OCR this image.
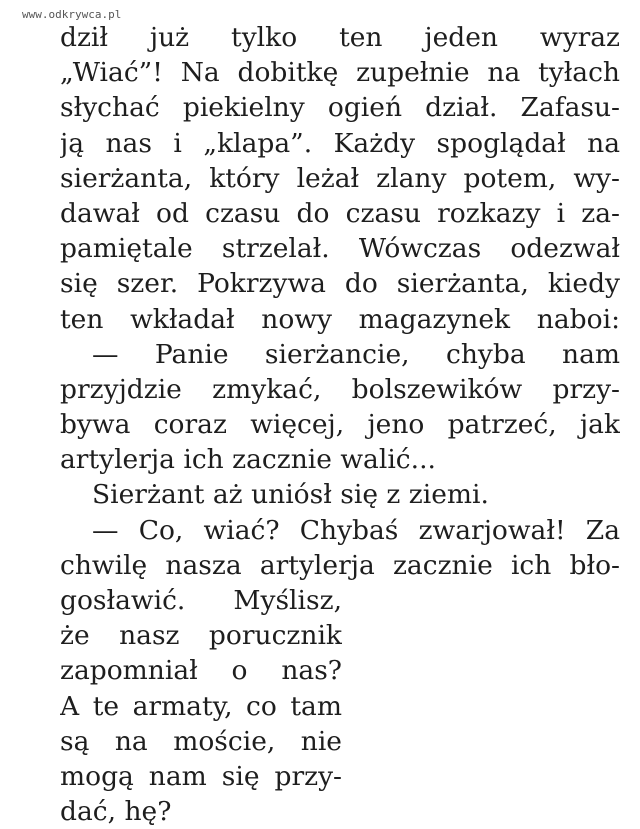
www.odkrywca.pl
dził już tylko ten jeden wyraz
„Wiać”! Na dobitkę zupełnie na tyłach
słychać piekielny ogień dział. Zafasu-
ją nas i „klapa”. Każdy spoglądał na
sierżanta, który leżał zlany potem, wy-
dawał od czasu do czasu rozkazy i za-
pamiętale strzelał. Wówczas odezwał
się szer. Pokrzywa do sierżanta, kiedy
ten wkładał nowy magazynek naboi:
— Panie sierżancie, chyba nam
przyjdzie zmykać, bolszewików przy-
bywa coraz więcej, jeno patrzeć, jak
artylerja ich zacznie walić...
Sierżant aż uniósł się z ziemi.
— Co, wiać? Chybaś zwarjował! Za
chwilę nasza artylerja zacznie ich bło-
gosławić. Myślisz,
że nasz porucznik
zapomniał o nas?
A te armaty, co tam
są na moście, nie
mogą nam się przy-
dać, hę?
